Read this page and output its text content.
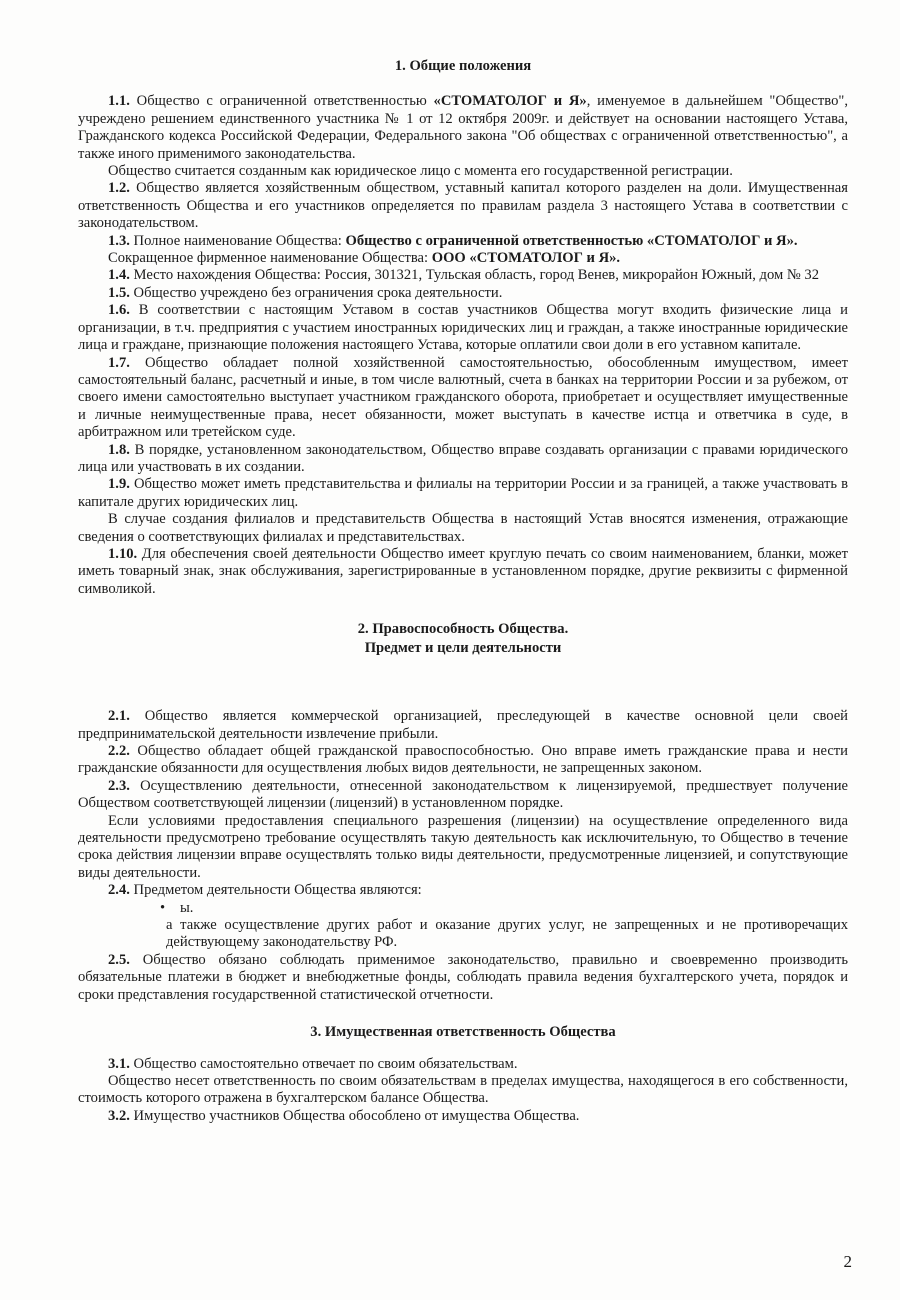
1. Общие положения

1.1. Общество с ограниченной ответственностью «СТОМАТОЛОГ и Я», именуемое в дальнейшем "Общество", учреждено решением единственного участника № 1 от 12 октября 2009г. и действует на основании настоящего Устава, Гражданского кодекса Российской Федерации, Федерального закона "Об обществах с ограниченной ответственностью", а также иного применимого законодательства.

Общество считается созданным как юридическое лицо с момента его государственной регистрации.

1.2. Общество является хозяйственным обществом, уставный капитал которого разделен на доли. Имущественная ответственность Общества и его участников определяется по правилам раздела 3 настоящего Устава в соответствии с законодательством.

1.3. Полное наименование Общества: Общество с ограниченной ответственностью «СТОМАТОЛОГ и Я».

Сокращенное фирменное наименование Общества: ООО «СТОМАТОЛОГ и Я».

1.4. Место нахождения Общества: Россия, 301321, Тульская область, город Венев, микрорайон Южный, дом № 32

1.5. Общество учреждено без ограничения срока деятельности.

1.6. В соответствии с настоящим Уставом в состав участников Общества могут входить физические лица и организации, в т.ч. предприятия с участием иностранных юридических лиц и граждан, а также иностранные юридические лица и граждане, признающие положения настоящего Устава, которые оплатили свои доли в его уставном капитале.

1.7. Общество обладает полной хозяйственной самостоятельностью, обособленным имуществом, имеет самостоятельный баланс, расчетный и иные, в том числе валютный, счета в банках на территории России и за рубежом, от своего имени самостоятельно выступает участником гражданского оборота, приобретает и осуществляет имущественные и личные неимущественные права, несет обязанности, может выступать в качестве истца и ответчика в суде, в арбитражном или третейском суде.

1.8. В порядке, установленном законодательством, Общество вправе создавать организации с правами юридического лица или участвовать в их создании.

1.9. Общество может иметь представительства и филиалы на территории России и за границей, а также участвовать в капитале других юридических лиц.

В случае создания филиалов и представительств Общества в настоящий Устав вносятся изменения, отражающие сведения о соответствующих филиалах и представительствах.

1.10. Для обеспечения своей деятельности Общество имеет круглую печать со своим наименованием, бланки, может иметь товарный знак, знак обслуживания, зарегистрированные в установленном порядке, другие реквизиты с фирменной символикой.

2. Правоспособность Общества.
Предмет и цели деятельности

2.1. Общество является коммерческой организацией, преследующей в качестве основной цели своей предпринимательской деятельности извлечение прибыли.

2.2. Общество обладает общей гражданской правоспособностью. Оно вправе иметь гражданские права и нести гражданские обязанности для осуществления любых видов деятельности, не запрещенных законом.

2.3. Осуществлению деятельности, отнесенной законодательством к лицензируемой, предшествует получение Обществом соответствующей лицензии (лицензий) в установленном порядке.

Если условиями предоставления специального разрешения (лицензии) на осуществление определенного вида деятельности предусмотрено требование осуществлять такую деятельность как исключительную, то Общество в течение срока действия лицензии вправе осуществлять только виды деятельности, предусмотренные лицензией, и сопутствующие виды деятельности.

2.4. Предметом деятельности Общества являются:

• ы.

а также осуществление других работ и оказание других услуг, не запрещенных и не противоречащих действующему законодательству РФ.

2.5. Общество обязано соблюдать применимое законодательство, правильно и своевременно производить обязательные платежи в бюджет и внебюджетные фонды, соблюдать правила ведения бухгалтерского учета, порядок и сроки представления государственной статистической отчетности.

3. Имущественная ответственность Общества

3.1. Общество самостоятельно отвечает по своим обязательствам.

Общество несет ответственность по своим обязательствам в пределах имущества, находящегося в его собственности, стоимость которого отражена в бухгалтерском балансе Общества.

3.2. Имущество участников Общества обособлено от имущества Общества.

2
